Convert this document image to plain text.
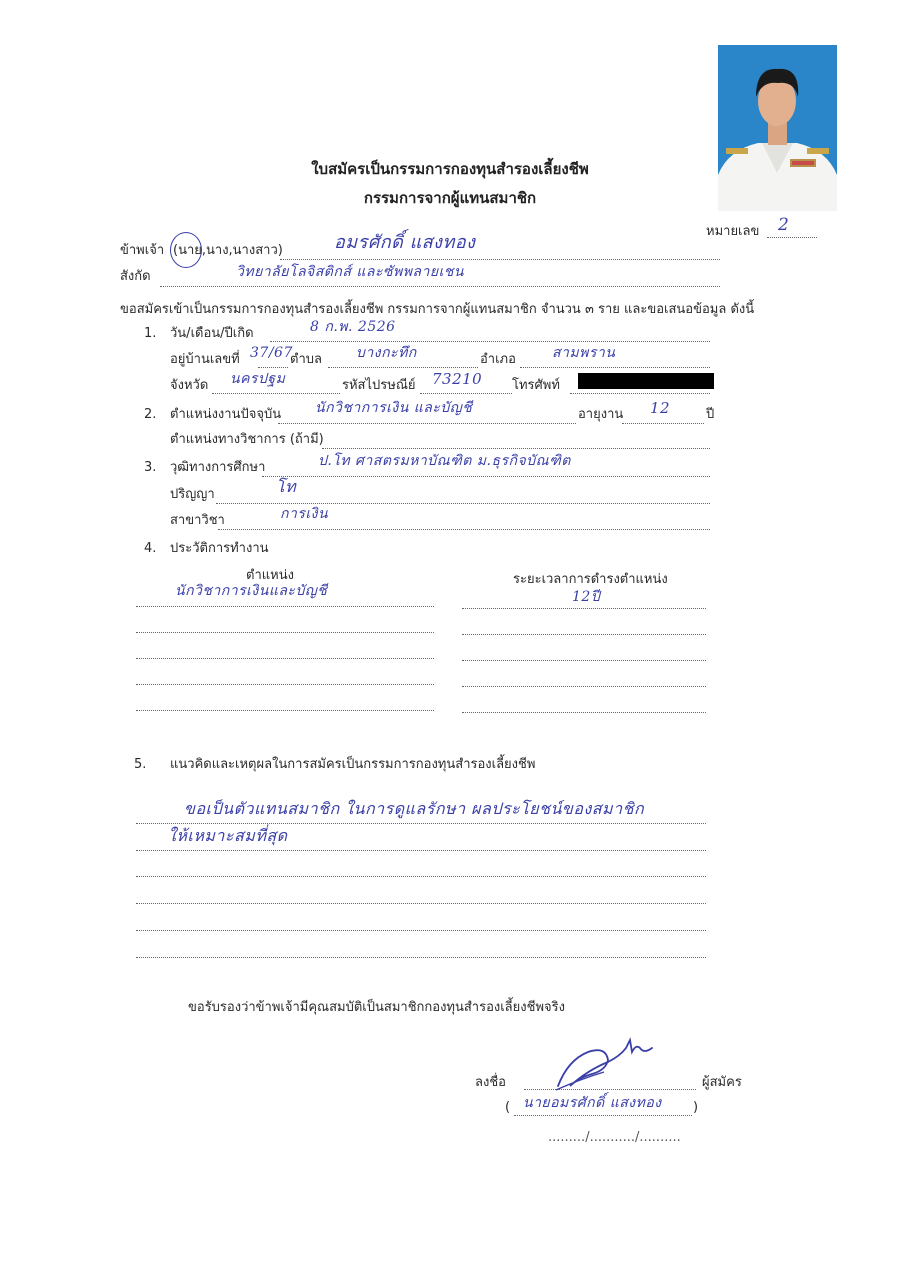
ใบสมัครเป็นกรรมการกองทุนสำรองเลี้ยงชีพ
กรรมการจากผู้แทนสมาชิก
หมายเลข 2
ข้าพเจ้า (นาย,นาง,นางสาว)	อมรศักดิ์ แสงทอง
สังกัด	วิทยาลัยโลจิสติกส์ และซัพพลายเชน
ขอสมัครเข้าเป็นกรรมการกองทุนสำรองเลี้ยงชีพ กรรมการจากผู้แทนสมาชิก จำนวน ๓ ราย และขอเสนอข้อมูล ดังนี้
1. วัน/เดือน/ปีเกิด	8 ก.พ. 2526
อยู่บ้านเลขที่ 37/67
ตำบล บางกะทึก	อำเภอ	สามพราน
จังหวัด นครปฐม	รหัสไปรษณีย์ 73210 โทรศัพท์
2. ตำแหน่งงานปัจจุบัน นักวิชาการเงิน และบัญชี	อายุงาน 12	ปี
ตำแหน่งทางวิชาการ (ถ้ามี)
3. วุฒิทางการศึกษา	ป.โท ศาสตรมหาบัณฑิต ม.ธุรกิจบัณฑิต
ปริญญา	โท
สาขาวิชา	การเงิน
4. ประวัติการทำงาน
ตำแหน่ง	ระยะเวลาการดำรงตำแหน่ง
นักวิชาการเงินและบัญชี	12ปี
5. แนวคิดและเหตุผลในการสมัครเป็นกรรมการกองทุนสำรองเลี้ยงชีพ
ขอเป็นตัวแทนสมาชิก ในการดูแลรักษา ผลประโยชน์ของสมาชิก
ให้เหมาะสมที่สุด
ขอรับรองว่าข้าพเจ้ามีคุณสมบัติเป็นสมาชิกกองทุนสำรองเลี้ยงชีพจริง
ลงชื่อ	ผู้สมัคร
( นายอมรศักดิ์ แสงทอง )
........./.........../..........
